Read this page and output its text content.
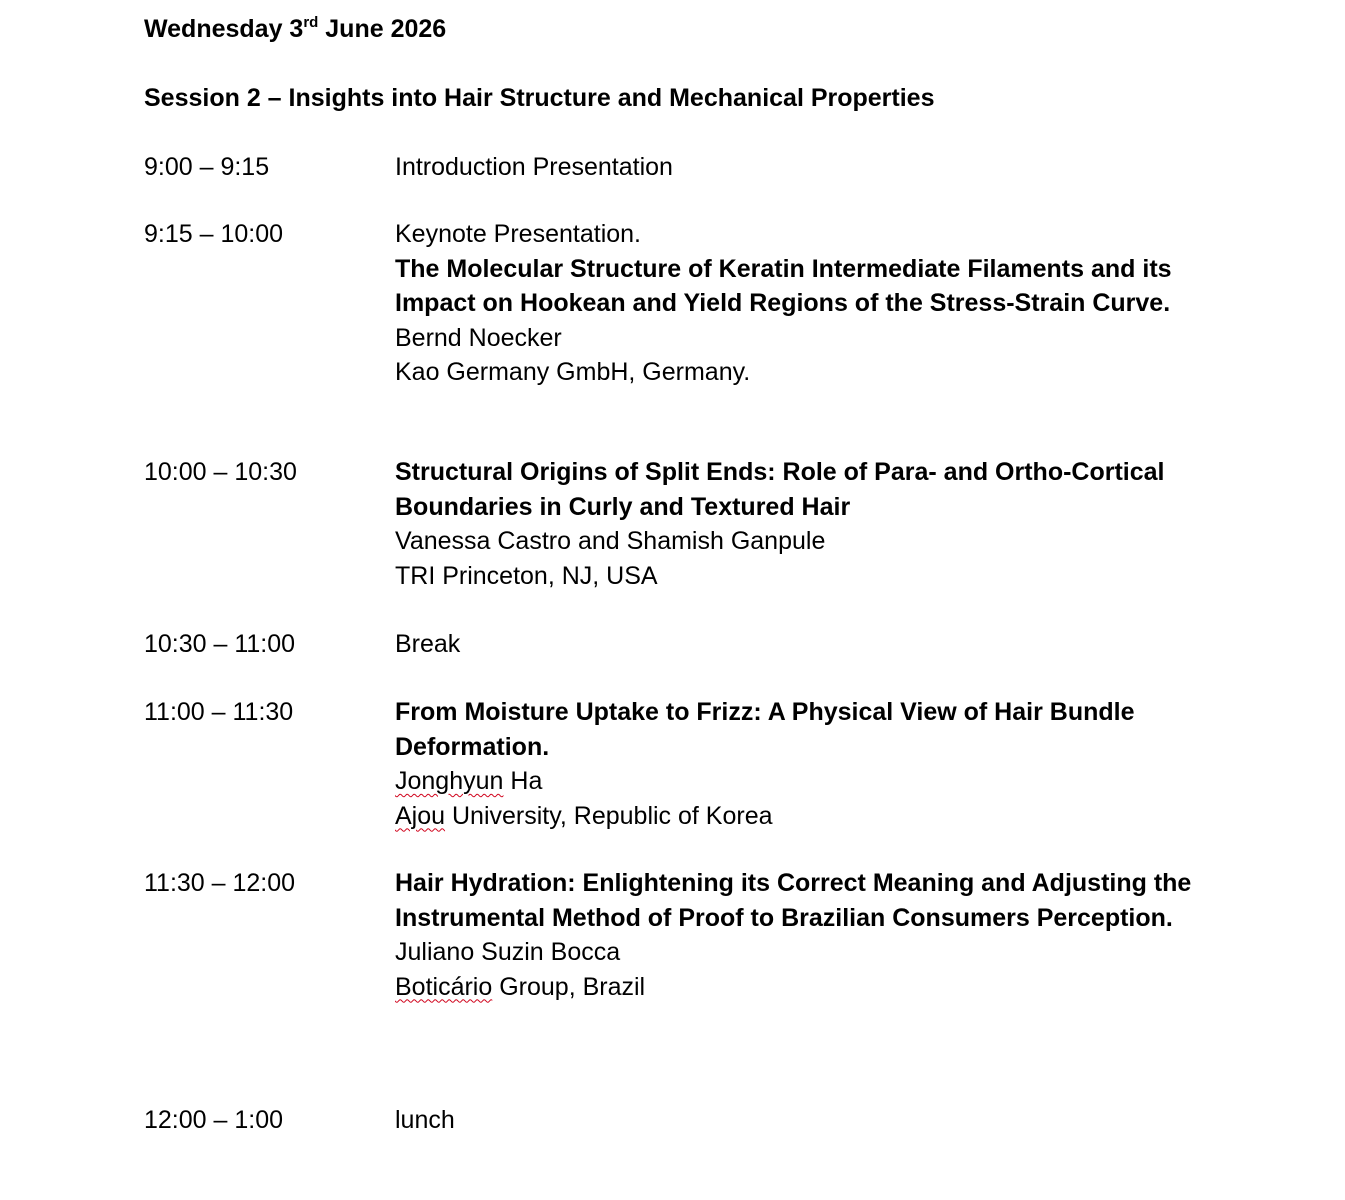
Wednesday 3rd June 2026
Session 2 – Insights into Hair Structure and Mechanical Properties
9:00 – 9:15	Introduction Presentation
9:15 – 10:00	Keynote Presentation.
The Molecular Structure of Keratin Intermediate Filaments and its Impact on Hookean and Yield Regions of the Stress-Strain Curve.
Bernd Noecker
Kao Germany GmbH, Germany.
10:00 – 10:30	Structural Origins of Split Ends: Role of Para- and Ortho-Cortical Boundaries in Curly and Textured Hair
Vanessa Castro and Shamish Ganpule
TRI Princeton, NJ, USA
10:30 – 11:00	Break
11:00 – 11:30	From Moisture Uptake to Frizz: A Physical View of Hair Bundle Deformation.
Jonghyun Ha
Ajou University, Republic of Korea
11:30 – 12:00	Hair Hydration: Enlightening its Correct Meaning and Adjusting the Instrumental Method of Proof to Brazilian Consumers Perception.
Juliano Suzin Bocca
Boticário Group, Brazil
12:00 – 1:00	lunch
